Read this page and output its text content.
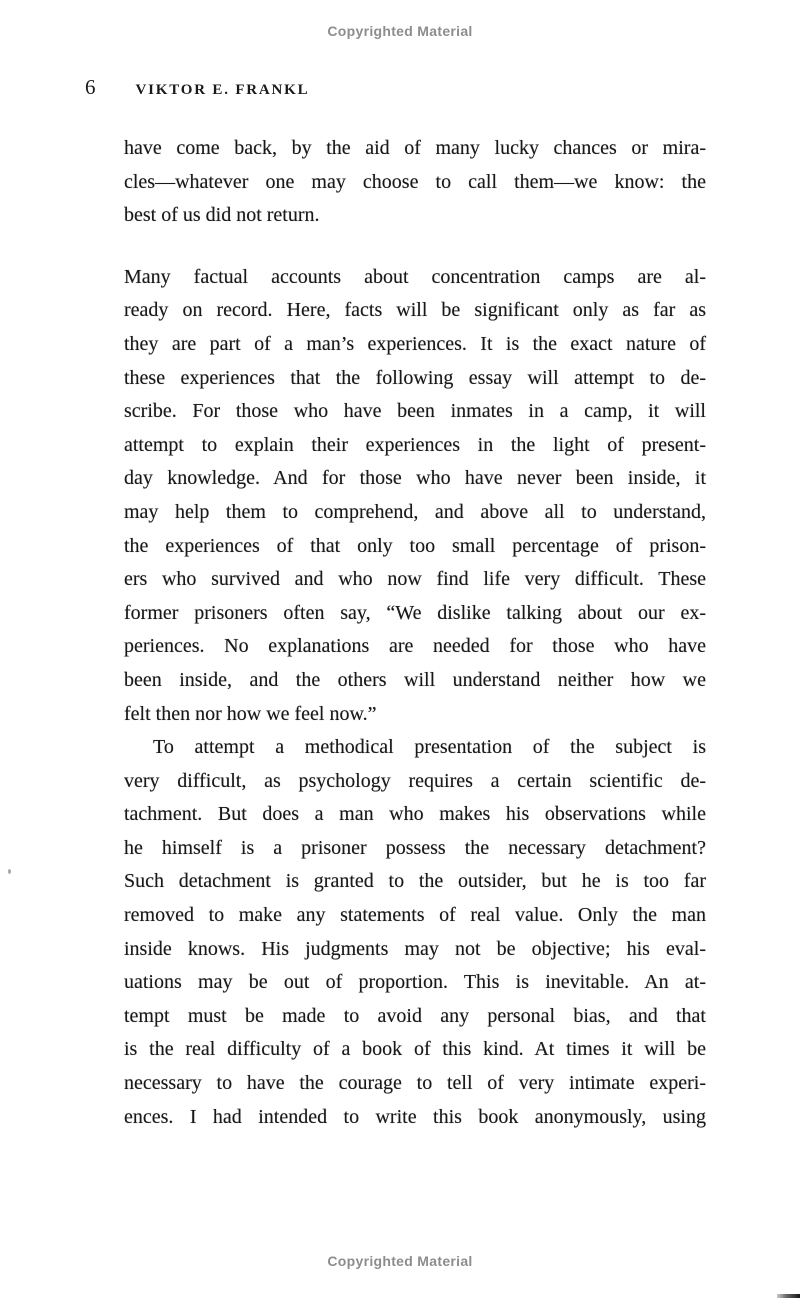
Copyrighted Material
6	VIKTOR E. FRANKL
have come back, by the aid of many lucky chances or mira-
cles—whatever one may choose to call them—we know: the
best of us did not return.
Many factual accounts about concentration camps are al-
ready on record. Here, facts will be significant only as far as
they are part of a man’s experiences. It is the exact nature of
these experiences that the following essay will attempt to de-
scribe. For those who have been inmates in a camp, it will
attempt to explain their experiences in the light of present-
day knowledge. And for those who have never been inside, it
may help them to comprehend, and above all to understand,
the experiences of that only too small percentage of prison-
ers who survived and who now find life very difficult. These
former prisoners often say, “We dislike talking about our ex-
periences. No explanations are needed for those who have
been inside, and the others will understand neither how we
felt then nor how we feel now.”
To attempt a methodical presentation of the subject is
very difficult, as psychology requires a certain scientific de-
tachment. But does a man who makes his observations while
he himself is a prisoner possess the necessary detachment?
Such detachment is granted to the outsider, but he is too far
removed to make any statements of real value. Only the man
inside knows. His judgments may not be objective; his eval-
uations may be out of proportion. This is inevitable. An at-
tempt must be made to avoid any personal bias, and that
is the real difficulty of a book of this kind. At times it will be
necessary to have the courage to tell of very intimate experi-
ences. I had intended to write this book anonymously, using
Copyrighted Material
